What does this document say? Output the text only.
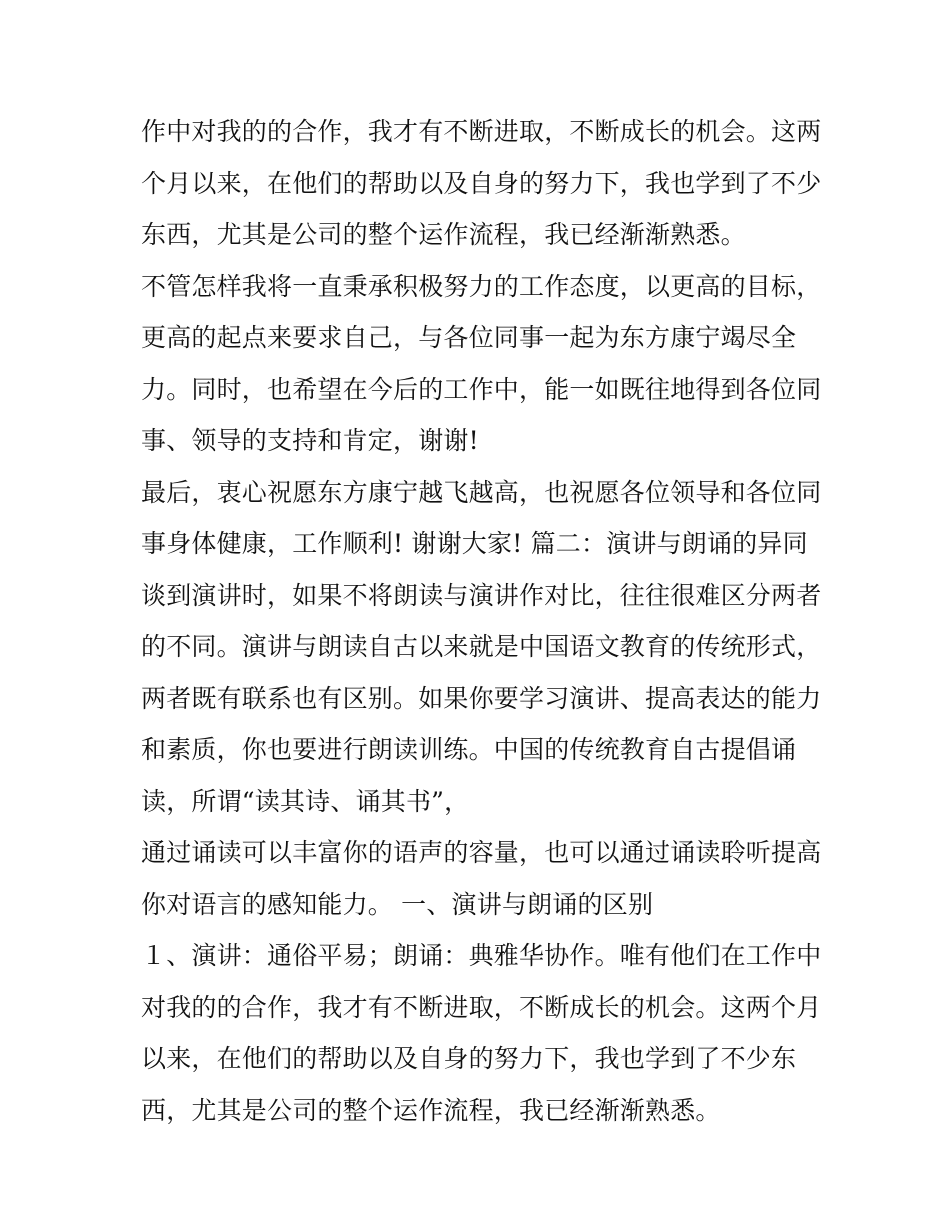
作中对我的的合作，我才有不断进取，不断成长的机会。这两
个月以来，在他们的帮助以及自身的努力下，我也学到了不少
东西，尤其是公司的整个运作流程，我已经渐渐熟悉。
不管怎样我将一直秉承积极努力的工作态度，以更高的目标，
更高的起点来要求自己，与各位同事一起为东方康宁竭尽全
力。同时，也希望在今后的工作中，能一如既往地得到各位同
事、领导的支持和肯定，谢谢!
最后，衷心祝愿东方康宁越飞越高，也祝愿各位领导和各位同
事身体健康，工作顺利! 谢谢大家! 篇二：演讲与朗诵的异同
谈到演讲时，如果不将朗读与演讲作对比，往往很难区分两者
的不同。演讲与朗读自古以来就是中国语文教育的传统形式，
两者既有联系也有区别。如果你要学习演讲、提高表达的能力
和素质，你也要进行朗读训练。中国的传统教育自古提倡诵
读，所谓“读其诗、诵其书”，
通过诵读可以丰富你的语声的容量，也可以通过诵读聆听提高
你对语言的感知能力。 一、演讲与朗诵的区别
１、演讲：通俗平易；朗诵：典雅华协作。唯有他们在工作中
对我的的合作，我才有不断进取，不断成长的机会。这两个月
以来，在他们的帮助以及自身的努力下，我也学到了不少东
西，尤其是公司的整个运作流程，我已经渐渐熟悉。
